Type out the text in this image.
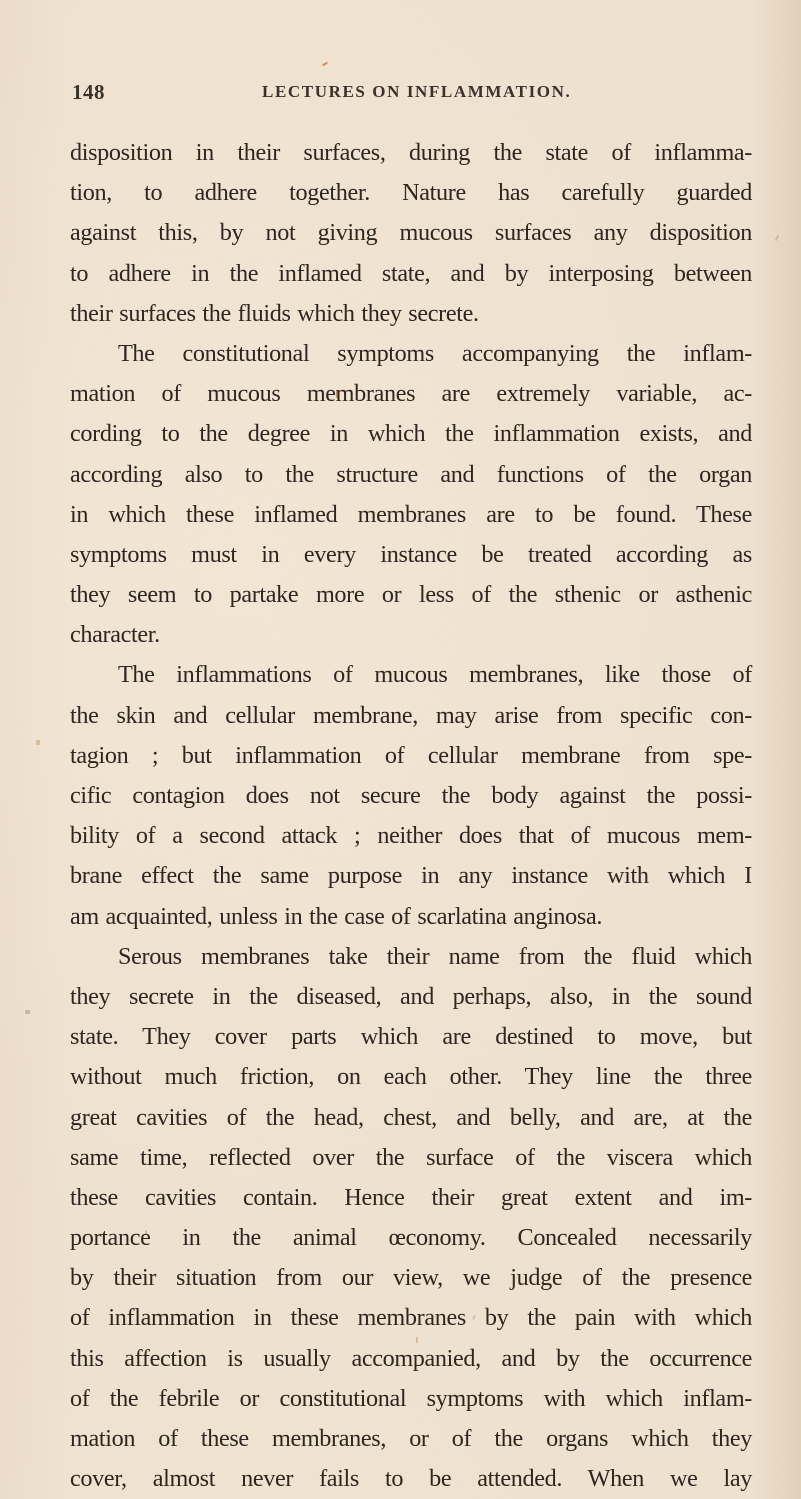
148	LECTURES ON INFLAMMATION.
disposition in their surfaces, during the state of inflamma-
tion, to adhere together. Nature has carefully guarded
against this, by not giving mucous surfaces any disposition
to adhere in the inflamed state, and by interposing between
their surfaces the fluids which they secrete.
The constitutional symptoms accompanying the inflam-
mation of mucous membranes are extremely variable, ac-
cording to the degree in which the inflammation exists, and
according also to the structure and functions of the organ
in which these inflamed membranes are to be found. These
symptoms must in every instance be treated according as
they seem to partake more or less of the sthenic or asthenic
character.
The inflammations of mucous membranes, like those of
the skin and cellular membrane, may arise from specific con-
tagion ; but inflammation of cellular membrane from spe-
cific contagion does not secure the body against the possi-
bility of a second attack ; neither does that of mucous mem-
brane effect the same purpose in any instance with which I
am acquainted, unless in the case of scarlatina anginosa.
Serous membranes take their name from the fluid which
they secrete in the diseased, and perhaps, also, in the sound
state. They cover parts which are destined to move, but
without much friction, on each other. They line the three
great cavities of the head, chest, and belly, and are, at the
same time, reflected over the surface of the viscera which
these cavities contain. Hence their great extent and im-
portance in the animal œconomy. Concealed necessarily
by their situation from our view, we judge of the presence
of inflammation in these membranes by the pain with which
this affection is usually accompanied, and by the occurrence
of the febrile or constitutional symptoms with which inflam-
mation of these membranes, or of the organs which they
cover, almost never fails to be attended. When we lay
